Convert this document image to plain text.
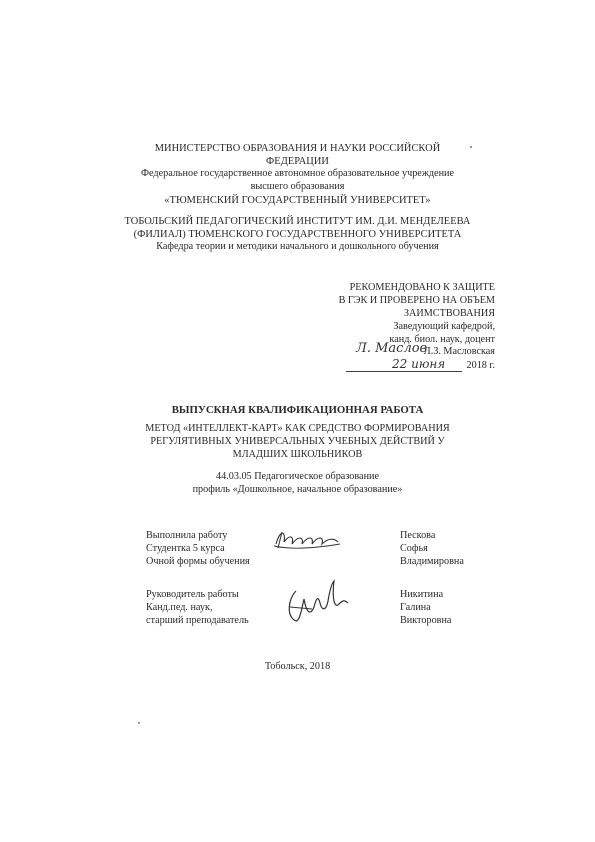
МИНИСТЕРСТВО ОБРАЗОВАНИЯ И НАУКИ РОССИЙСКОЙ
ФЕДЕРАЦИИ
Федеральное государственное автономное образовательное учреждение
высшего образования
«ТЮМЕНСКИЙ ГОСУДАРСТВЕННЫЙ УНИВЕРСИТЕТ»
ТОБОЛЬСКИЙ ПЕДАГОГИЧЕСКИЙ ИНСТИТУТ ИМ. Д.И. МЕНДЕЛЕЕВА
(ФИЛИАЛ) ТЮМЕНСКОГО ГОСУДАРСТВЕННОГО УНИВЕРСИТЕТА
Кафедра теории и методики начального и дошкольного обучения
РЕКОМЕНДОВАНО К ЗАЩИТЕ
В ГЭК И ПРОВЕРЕНО НА ОБЪЕМ
ЗАИМСТВОВАНИЯ
Заведующий кафедрой,
канд. биол. наук, доцент
Л. Маслов
Л.З. Масловская
22 июня	2018 г.
ВЫПУСКНАЯ КВАЛИФИКАЦИОННАЯ РАБОТА
МЕТОД «ИНТЕЛЛЕКТ-КАРТ» КАК СРЕДСТВО ФОРМИРОВАНИЯ
РЕГУЛЯТИВНЫХ УНИВЕРСАЛЬНЫХ УЧЕБНЫХ ДЕЙСТВИЙ У
МЛАДШИХ ШКОЛЬНИКОВ
44.03.05 Педагогическое образование
профиль «Дошкольное, начальное образование»
Выполнила работу
Студентка 5 курса
Очной формы обучения
Пескова
Софья
Владимировна
Руководитель работы
Канд.пед. наук,
старший преподаватель
Никитина
Галина
Викторовна
Тобольск, 2018
